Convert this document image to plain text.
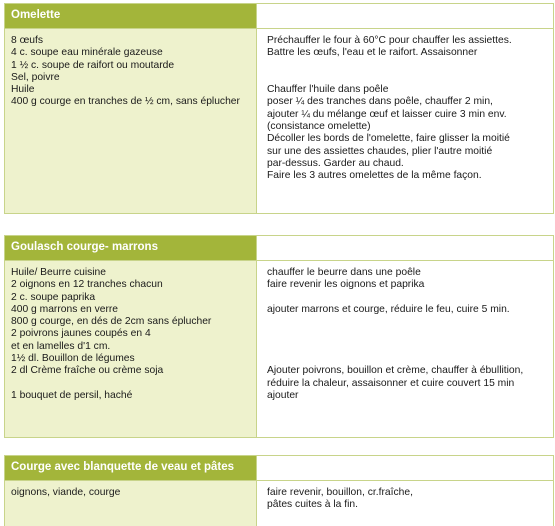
Omelette
8 œufs
4 c. soupe eau minérale gazeuse
1 ½ c. soupe de raifort ou moutarde
Sel, poivre
Huile
400 g courge en tranches de ½ cm, sans éplucher
Préchauffer le four à 60°C pour chauffer les assiettes.
Battre les œufs, l'eau et le raifort. Assaisonner
Chauffer l'huile dans poêle
poser ¼ des tranches dans poêle, chauffer 2 min,
ajouter ¼ du mélange œuf et laisser cuire 3 min env.
(consistance omelette)
Décoller les bords de l'omelette, faire glisser la moitié
sur une des assiettes chaudes, plier l'autre moitié
par-dessus. Garder au chaud.
Faire les 3 autres omelettes de la même façon.
Goulasch courge- marrons
Huile/ Beurre cuisine
2 oignons en 12 tranches chacun
2 c. soupe paprika
400 g marrons en verre
800 g courge, en dés de 2cm sans éplucher
2 poivrons jaunes coupés en 4
et en lamelles d'1 cm.
1½ dl. Bouillon de légumes
2 dl Crème fraîche ou crème soja
1 bouquet de persil, haché
chauffer le beurre dans une poêle
faire revenir les oignons et paprika
ajouter marrons et courge, réduire le feu, cuire 5 min.
Ajouter poivrons, bouillon et crème, chauffer à ébullition,
réduire la chaleur, assaisonner et cuire couvert 15 min
ajouter
Courge avec blanquette de veau et pâtes
oignons, viande, courge	faire revenir, bouillon, cr.fraîche,
pâtes cuites à la fin.
